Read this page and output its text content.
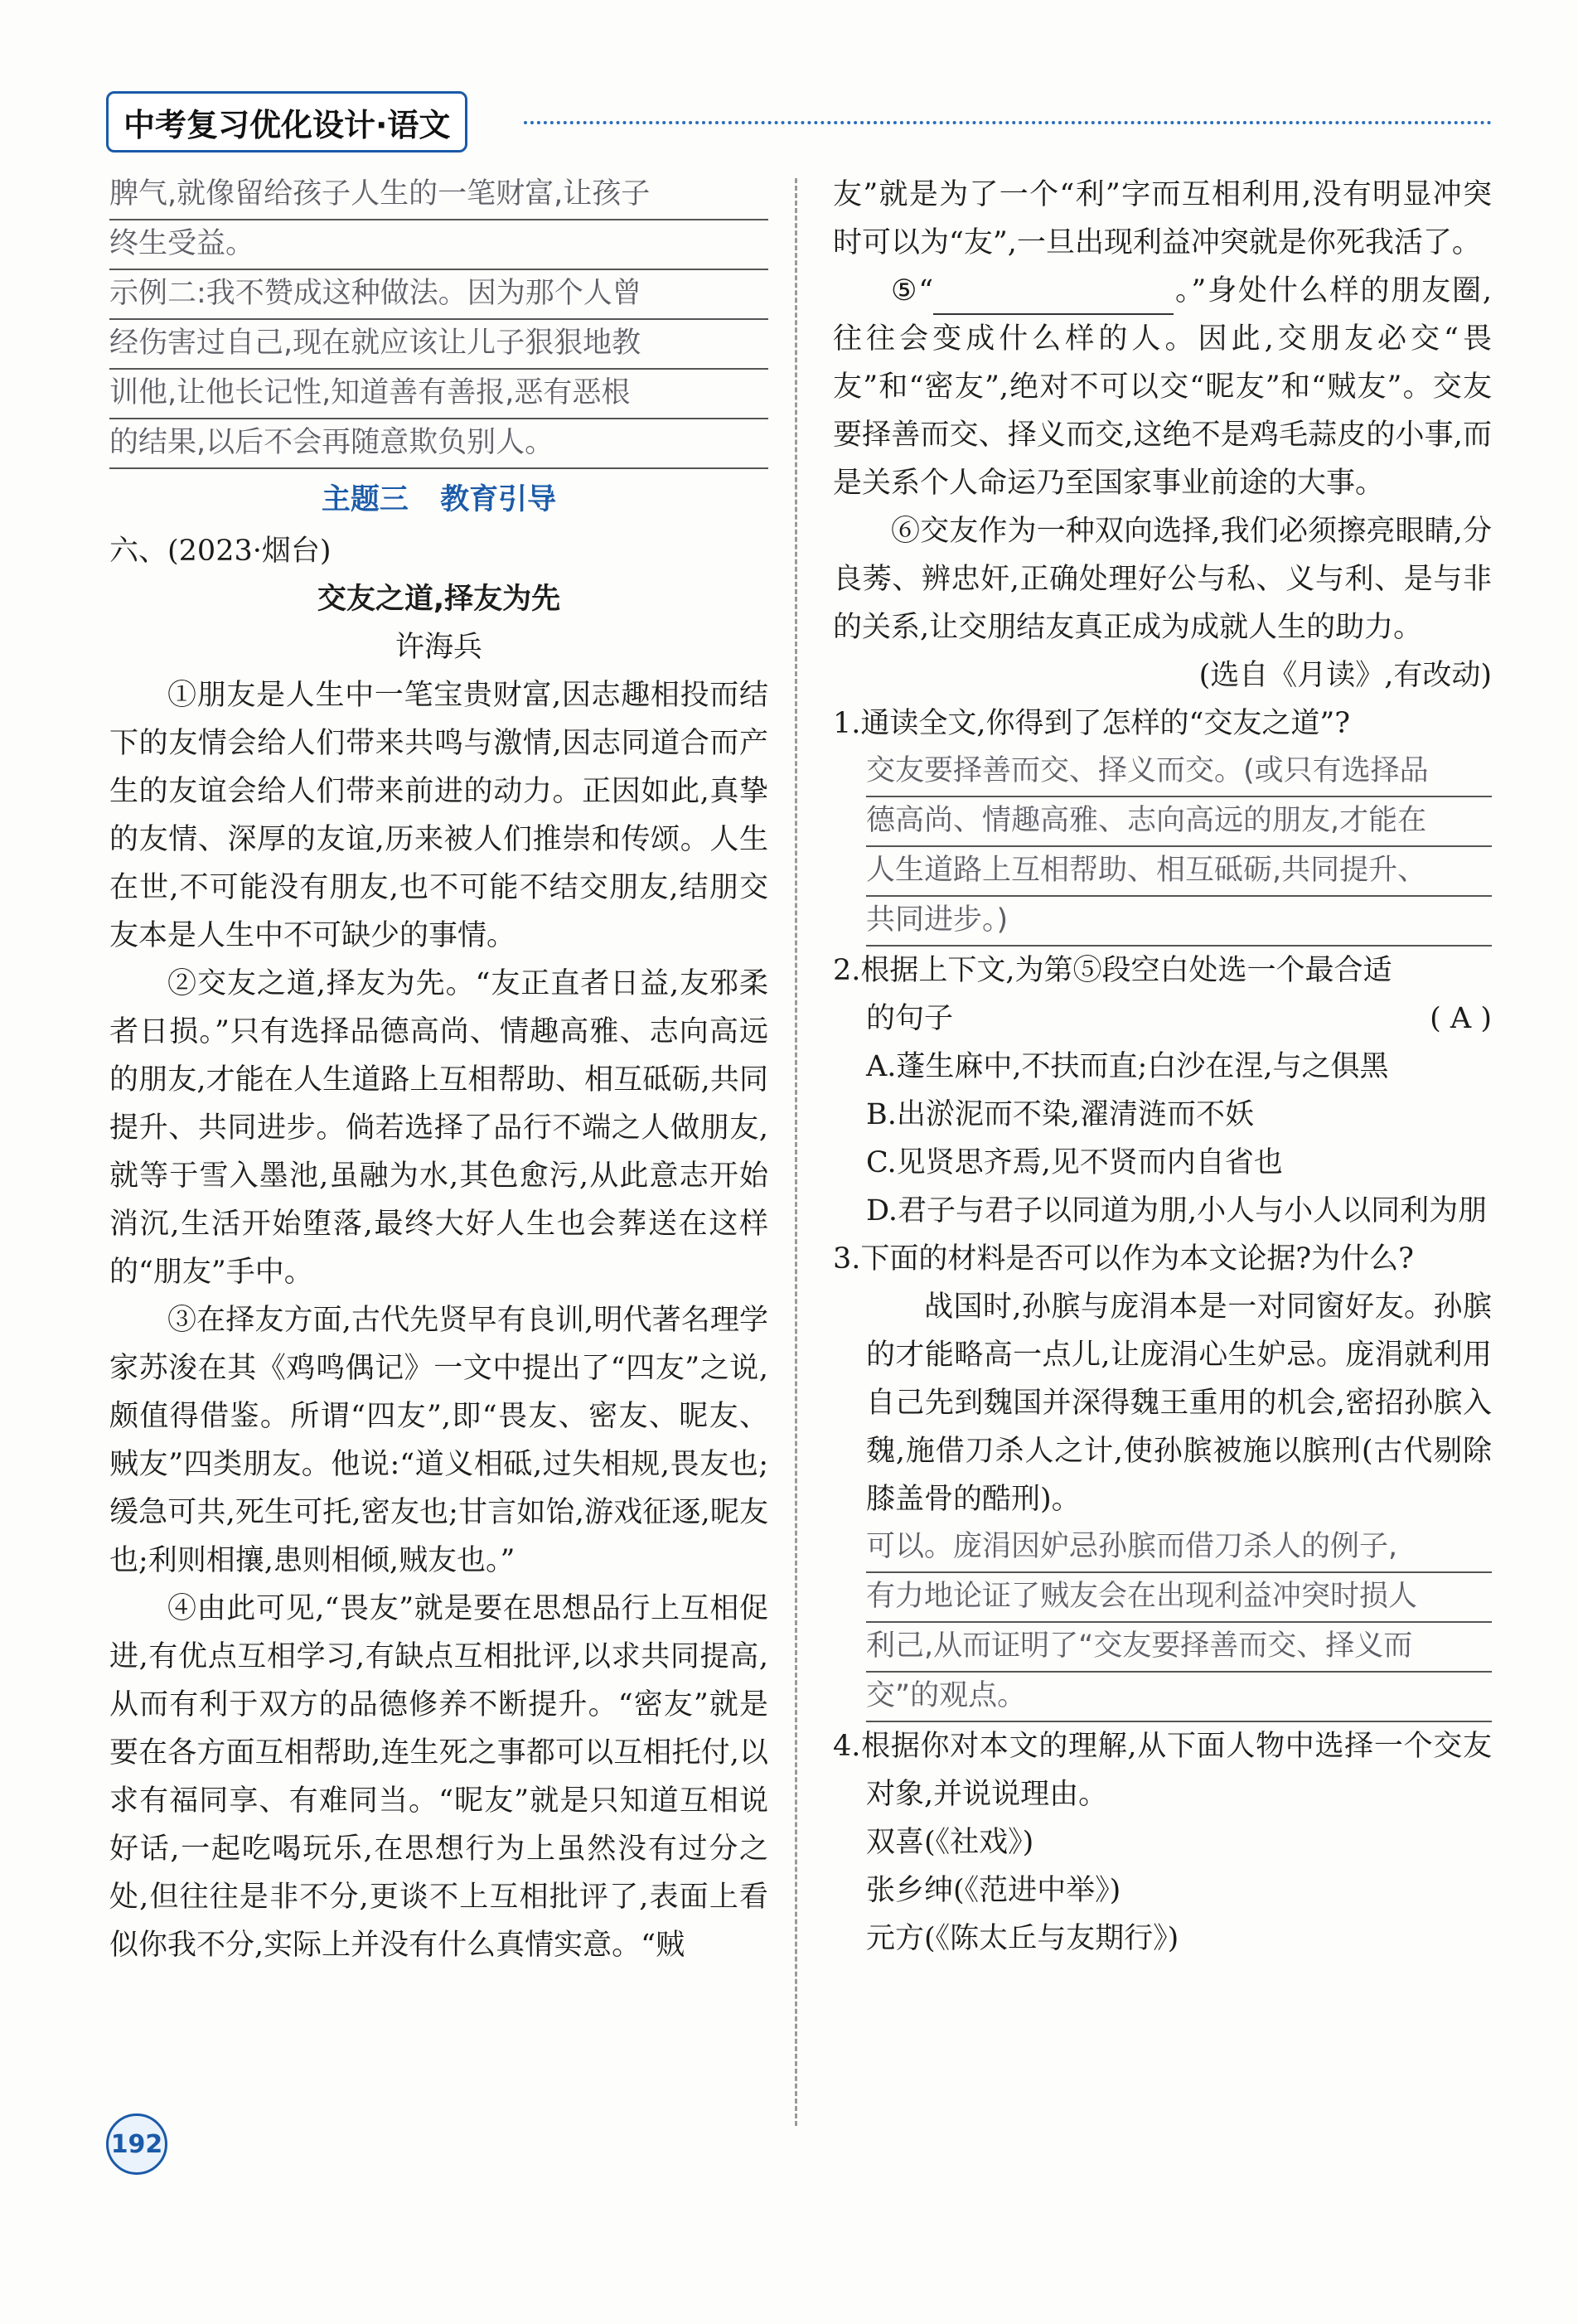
中考复习优化设计·语文
脾气,就像留给孩子人生的一笔财富,让孩子
终生受益。
示例二:我不赞成这种做法。因为那个人曾
经伤害过自己,现在就应该让儿子狠狠地教
训他,让他长记性,知道善有善报,恶有恶根
的结果,以后不会再随意欺负别人。
主题三 教育引导

六、(2023·烟台)

交友之道,择友为先

许海兵

①朋友是人生中一笔宝贵财富,因志趣相投而结下的友情会给人们带来共鸣与激情,因志同道合而产生的友谊会给人们带来前进的动力。正因如此,真挚的友情、深厚的友谊,历来被人们推崇和传颂。人生在世,不可能没有朋友,也不可能不结交朋友,结朋交友本是人生中不可缺少的事情。

②交友之道,择友为先。“友正直者日益,友邪柔者日损。”只有选择品德高尚、情趣高雅、志向高远的朋友,才能在人生道路上互相帮助、相互砥砺,共同提升、共同进步。倘若选择了品行不端之人做朋友,就等于雪入墨池,虽融为水,其色愈污,从此意志开始消沉,生活开始堕落,最终大好人生也会葬送在这样的“朋友”手中。

③在择友方面,古代先贤早有良训,明代著名理学家苏浚在其《鸡鸣偶记》一文中提出了“四友”之说,颇值得借鉴。所谓“四友”,即“畏友、密友、昵友、贼友”四类朋友。他说:“道义相砥,过失相规,畏友也;缓急可共,死生可托,密友也;甘言如饴,游戏征逐,昵友也;利则相攘,患则相倾,贼友也。”

④由此可见,“畏友”就是要在思想品行上互相促进,有优点互相学习,有缺点互相批评,以求共同提高,从而有利于双方的品德修养不断提升。“密友”就是要在各方面互相帮助,连生死之事都可以互相托付,以求有福同享、有难同当。“昵友”就是只知道互相说好话,一起吃喝玩乐,在思想行为上虽然没有过分之处,但往往是非不分,更谈不上互相批评了,表面上看似你我不分,实际上并没有什么真情实意。“贼

友”就是为了一个“利”字而互相利用,没有明显冲突时可以为“友”,一旦出现利益冲突就是你死我活了。

⑤“	。”身处什么样的朋友圈,往往会变成什么样的人。因此,交朋友必交“畏友”和“密友”,绝对不可以交“昵友”和“贼友”。交友要择善而交、择义而交,这绝不是鸡毛蒜皮的小事,而是关系个人命运乃至国家事业前途的大事。

⑥交友作为一种双向选择,我们必须擦亮眼睛,分良莠、辨忠奸,正确处理好公与私、义与利、是与非的关系,让交朋结友真正成为成就人生的助力。

(选自《月读》,有改动)

1.通读全文,你得到了怎样的“交友之道”?

交友要择善而交、择义而交。(或只有选择品
德高尚、情趣高雅、志向高远的朋友,才能在
人生道路上互相帮助、相互砥砺,共同提升、
共同进步。)

2.根据上下文,为第⑤段空白处选一个最合适

的句子	( A )

A.蓬生麻中,不扶而直;白沙在涅,与之俱黑

B.出淤泥而不染,濯清涟而不妖

C.见贤思齐焉,见不贤而内自省也

D.君子与君子以同道为朋,小人与小人以同利为朋

3.下面的材料是否可以作为本文论据?为什么?

战国时,孙膑与庞涓本是一对同窗好友。孙膑的才能略高一点儿,让庞涓心生妒忌。庞涓就利用自己先到魏国并深得魏王重用的机会,密招孙膑入魏,施借刀杀人之计,使孙膑被施以膑刑(古代剔除膝盖骨的酷刑)。

可以。庞涓因妒忌孙膑而借刀杀人的例子,
有力地论证了贼友会在出现利益冲突时损人
利己,从而证明了“交友要择善而交、择义而
交”的观点。

4.根据你对本文的理解,从下面人物中选择一个交友对象,并说说理由。

双喜(《社戏》)

张乡绅(《范进中举》)

元方(《陈太丘与友期行》)

192
